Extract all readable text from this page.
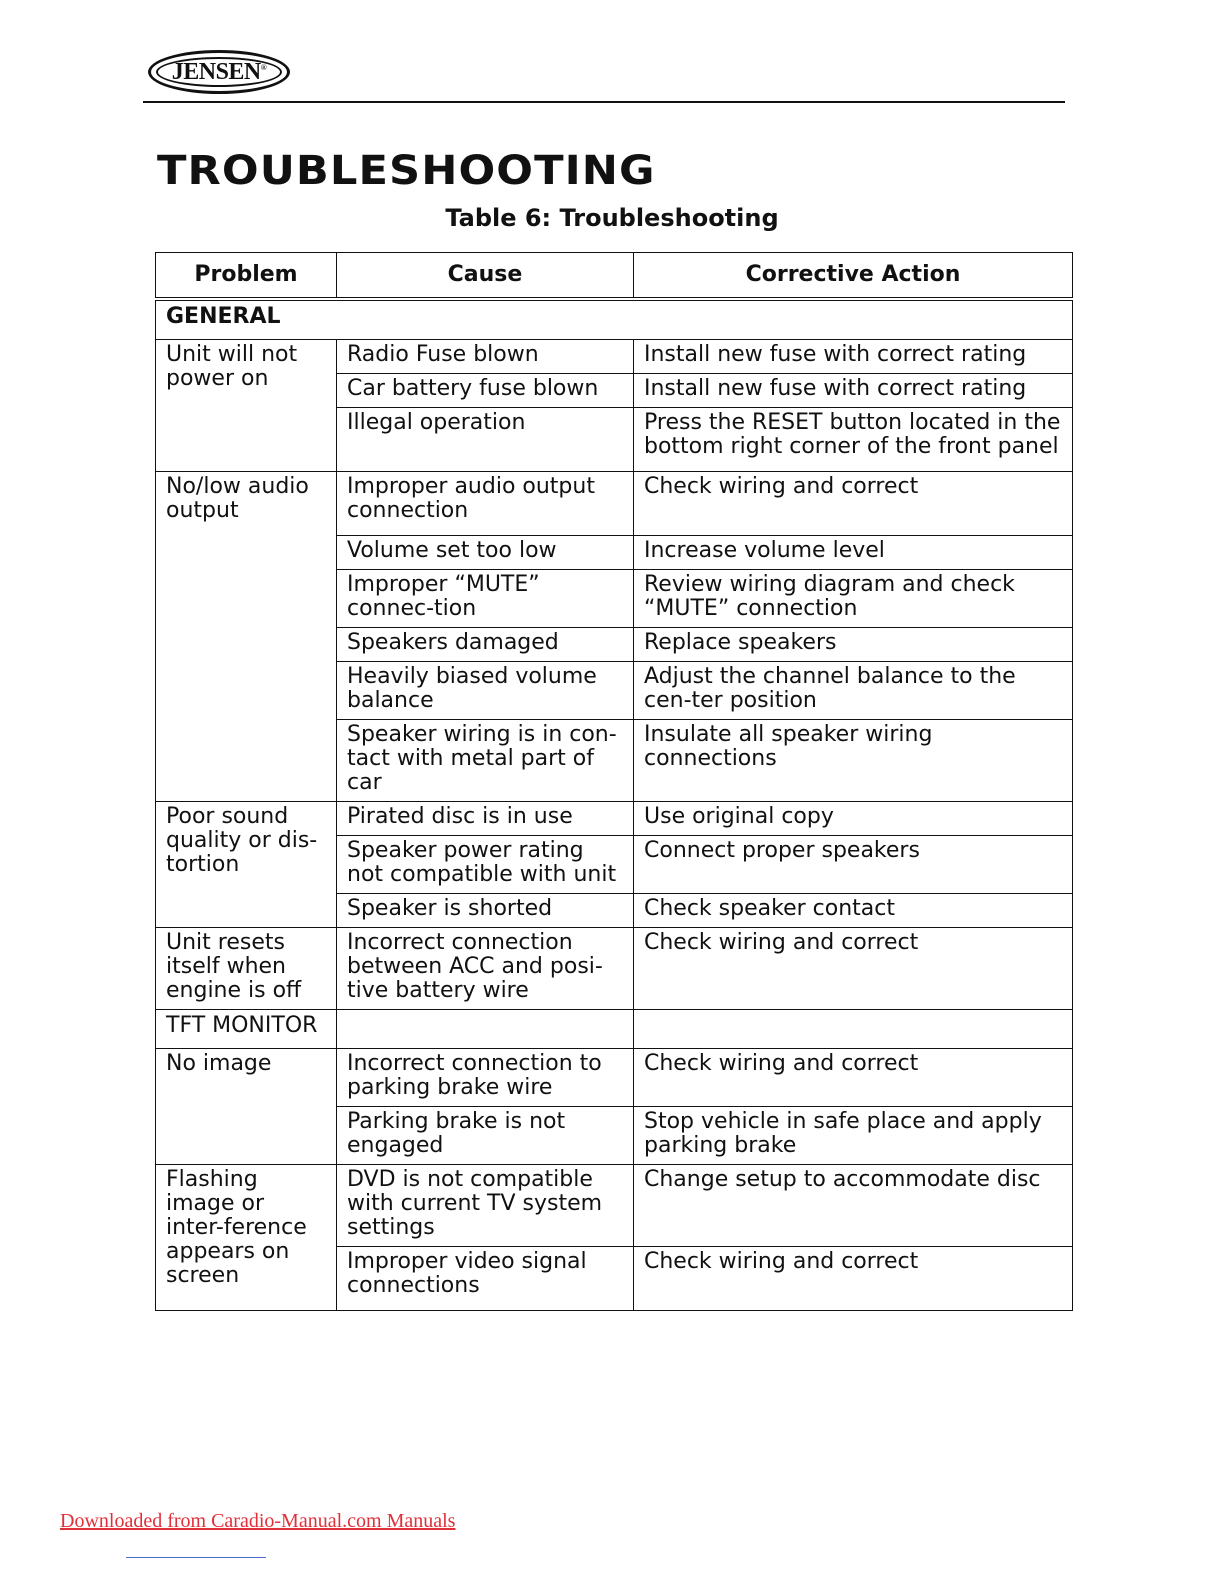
JENSEN®
TROUBLESHOOTING
Table 6: Troubleshooting
Problem	Cause	Corrective Action
GENERAL		
Unit will not power on	Radio Fuse blown	Install new fuse with correct rating
	Car battery fuse blown	Install new fuse with correct rating
	Illegal operation	Press the RESET button located in the bottom right corner of the front panel
No/low audio output	Improper audio output connection	Check wiring and correct
	Volume set too low	Increase volume level
	Improper “MUTE” connec-tion	Review wiring diagram and check “MUTE” connection
	Speakers damaged	Replace speakers
	Heavily biased volume balance	Adjust the channel balance to the cen-ter position
	Speaker wiring is in con-tact with metal part of car	Insulate all speaker wiring connections
Poor sound quality or dis-tortion	Pirated disc is in use	Use original copy
	Speaker power rating not compatible with unit	Connect proper speakers
	Speaker is shorted	Check speaker contact
Unit resets itself when engine is off	Incorrect connection between ACC and posi-tive battery wire	Check wiring and correct
TFT MONITOR		
No image	Incorrect connection to parking brake wire	Check wiring and correct
	Parking brake is not engaged	Stop vehicle in safe place and apply parking brake
Flashing image or inter-ference appears on screen	DVD is not compatible with current TV system settings	Change setup to accommodate disc
	Improper video signal connections	Check wiring and correct
Downloaded from Caradio-Manual.com Manuals
